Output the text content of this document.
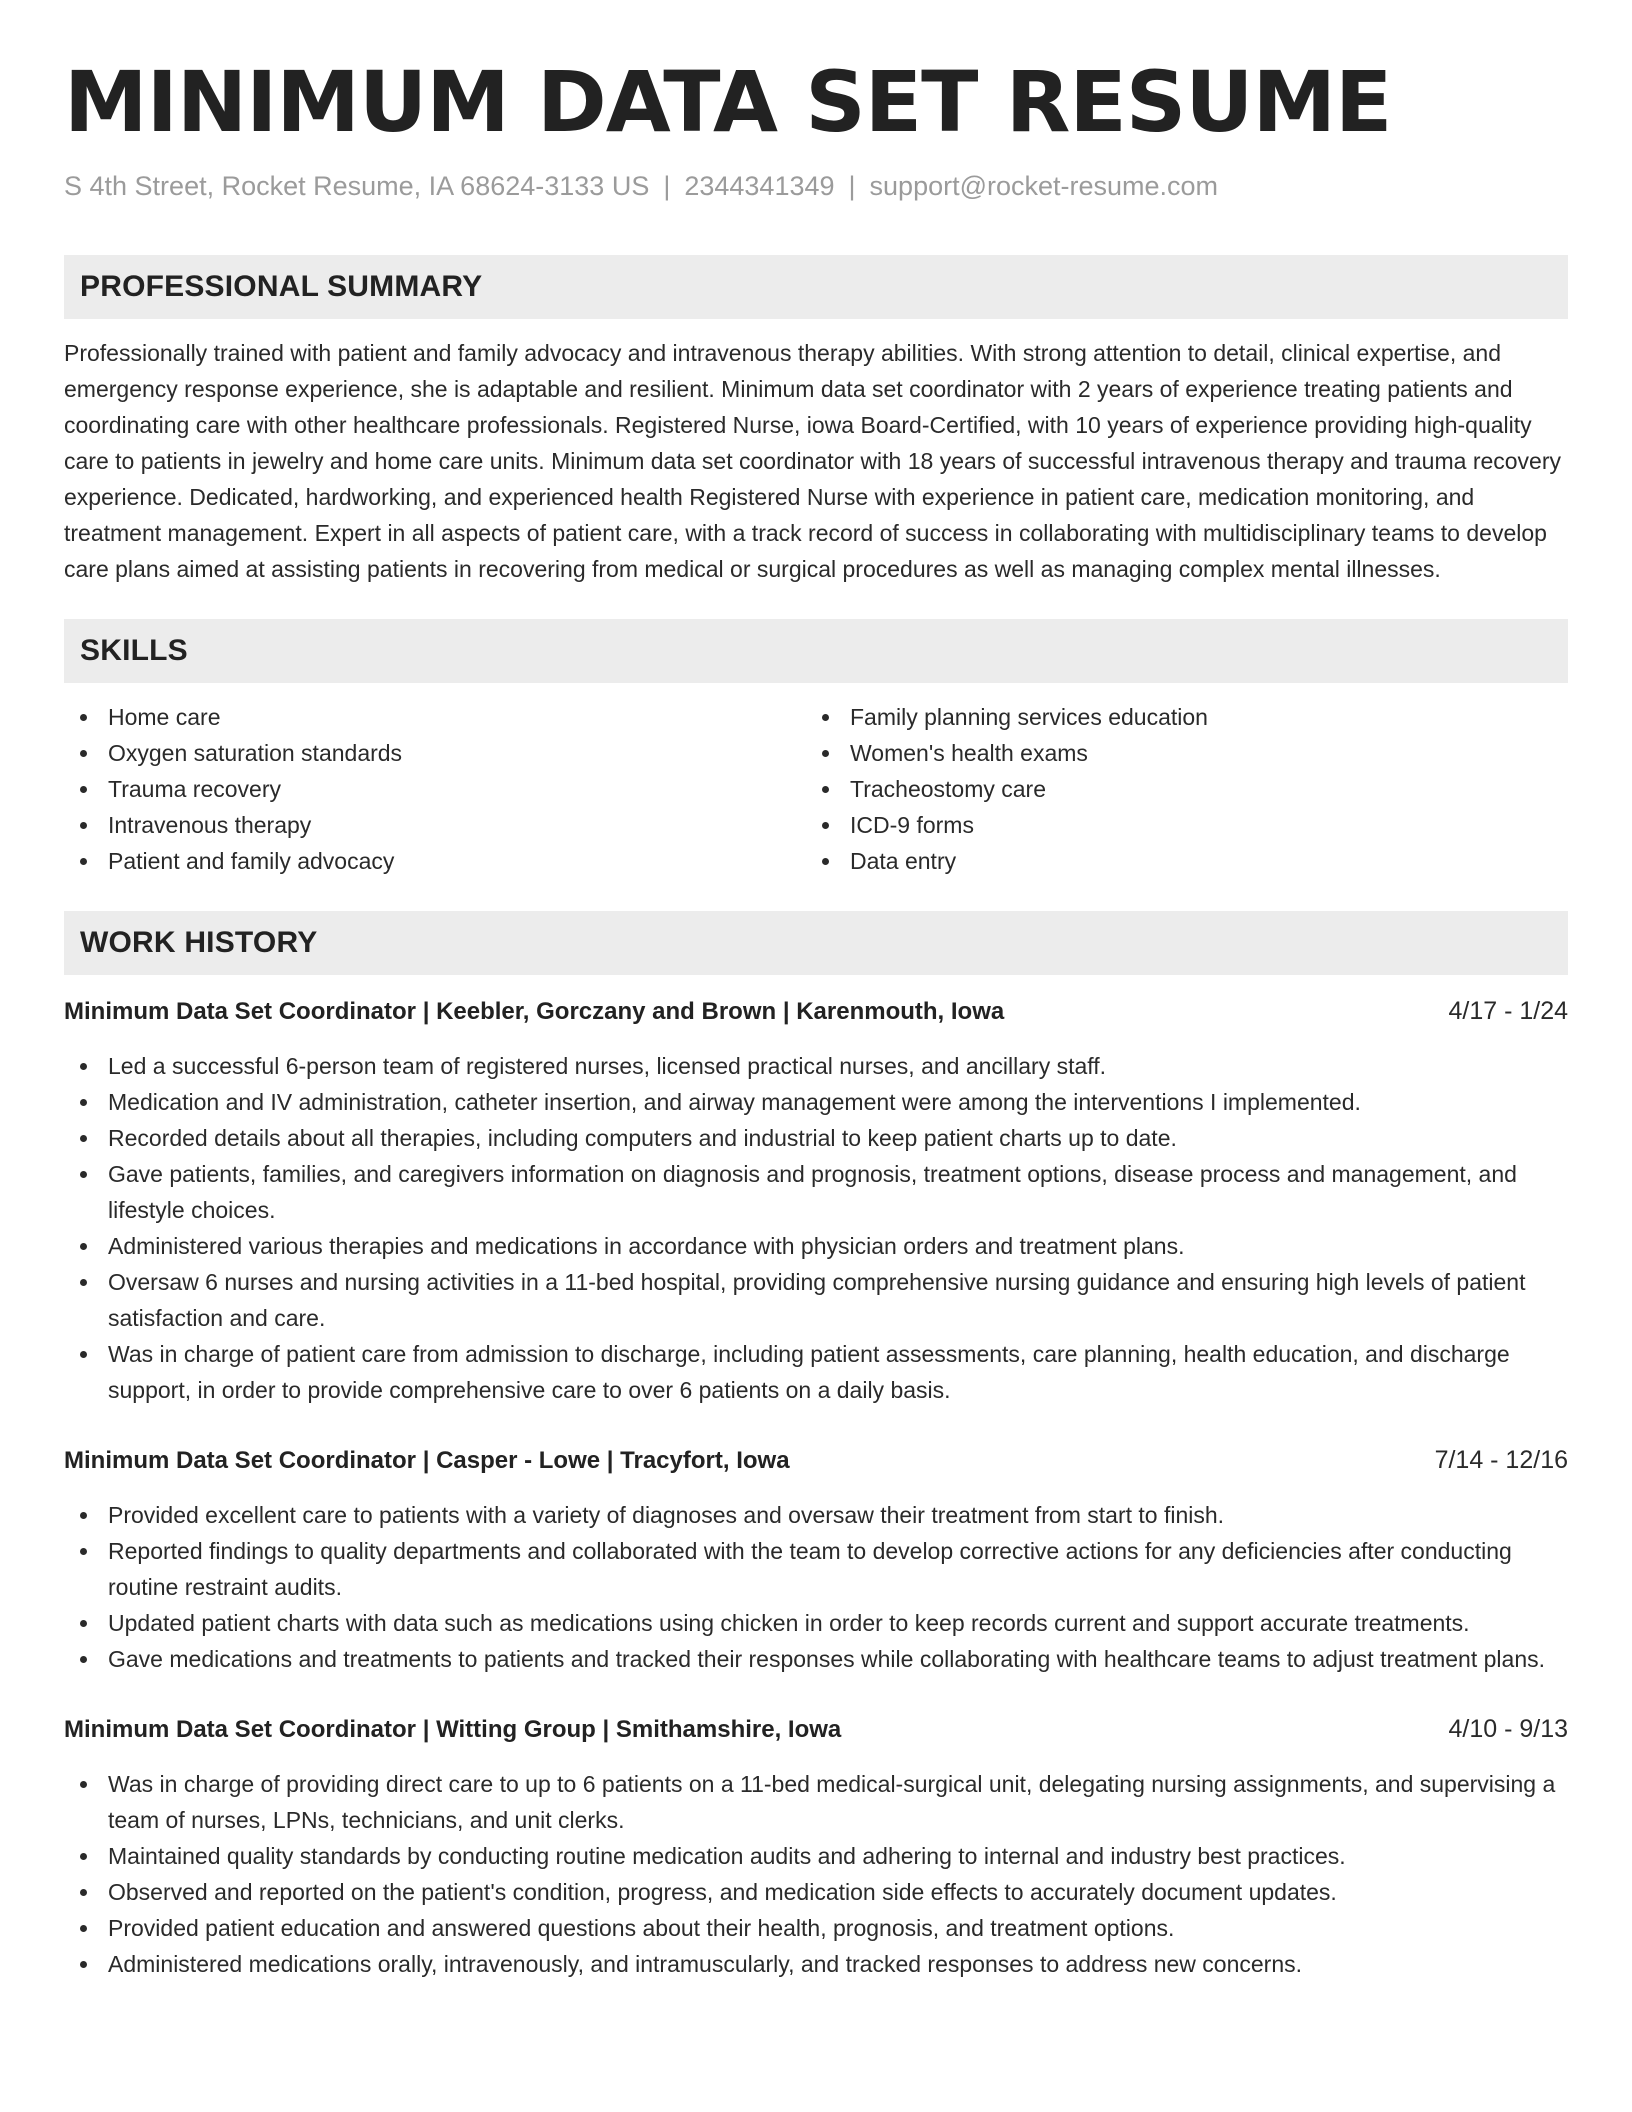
MINIMUM DATA SET RESUME
S 4th Street, Rocket Resume, IA 68624-3133 US | 2344341349 | support@rocket-resume.com
PROFESSIONAL SUMMARY
Professionally trained with patient and family advocacy and intravenous therapy abilities. With strong attention to detail, clinical expertise, and emergency response experience, she is adaptable and resilient. Minimum data set coordinator with 2 years of experience treating patients and coordinating care with other healthcare professionals. Registered Nurse, iowa Board-Certified, with 10 years of experience providing high-quality care to patients in jewelry and home care units. Minimum data set coordinator with 18 years of successful intravenous therapy and trauma recovery experience. Dedicated, hardworking, and experienced health Registered Nurse with experience in patient care, medication monitoring, and treatment management. Expert in all aspects of patient care, with a track record of success in collaborating with multidisciplinary teams to develop care plans aimed at assisting patients in recovering from medical or surgical procedures as well as managing complex mental illnesses.
SKILLS
Home care
Oxygen saturation standards
Trauma recovery
Intravenous therapy
Patient and family advocacy
Family planning services education
Women's health exams
Tracheostomy care
ICD-9 forms
Data entry
WORK HISTORY
Minimum Data Set Coordinator | Keebler, Gorczany and Brown | Karenmouth, Iowa	4/17 - 1/24
Led a successful 6-person team of registered nurses, licensed practical nurses, and ancillary staff.
Medication and IV administration, catheter insertion, and airway management were among the interventions I implemented.
Recorded details about all therapies, including computers and industrial to keep patient charts up to date.
Gave patients, families, and caregivers information on diagnosis and prognosis, treatment options, disease process and management, and lifestyle choices.
Administered various therapies and medications in accordance with physician orders and treatment plans.
Oversaw 6 nurses and nursing activities in a 11-bed hospital, providing comprehensive nursing guidance and ensuring high levels of patient satisfaction and care.
Was in charge of patient care from admission to discharge, including patient assessments, care planning, health education, and discharge support, in order to provide comprehensive care to over 6 patients on a daily basis.
Minimum Data Set Coordinator | Casper - Lowe | Tracyfort, Iowa	7/14 - 12/16
Provided excellent care to patients with a variety of diagnoses and oversaw their treatment from start to finish.
Reported findings to quality departments and collaborated with the team to develop corrective actions for any deficiencies after conducting routine restraint audits.
Updated patient charts with data such as medications using chicken in order to keep records current and support accurate treatments.
Gave medications and treatments to patients and tracked their responses while collaborating with healthcare teams to adjust treatment plans.
Minimum Data Set Coordinator | Witting Group | Smithamshire, Iowa	4/10 - 9/13
Was in charge of providing direct care to up to 6 patients on a 11-bed medical-surgical unit, delegating nursing assignments, and supervising a team of nurses, LPNs, technicians, and unit clerks.
Maintained quality standards by conducting routine medication audits and adhering to internal and industry best practices.
Observed and reported on the patient's condition, progress, and medication side effects to accurately document updates.
Provided patient education and answered questions about their health, prognosis, and treatment options.
Administered medications orally, intravenously, and intramuscularly, and tracked responses to address new concerns.
